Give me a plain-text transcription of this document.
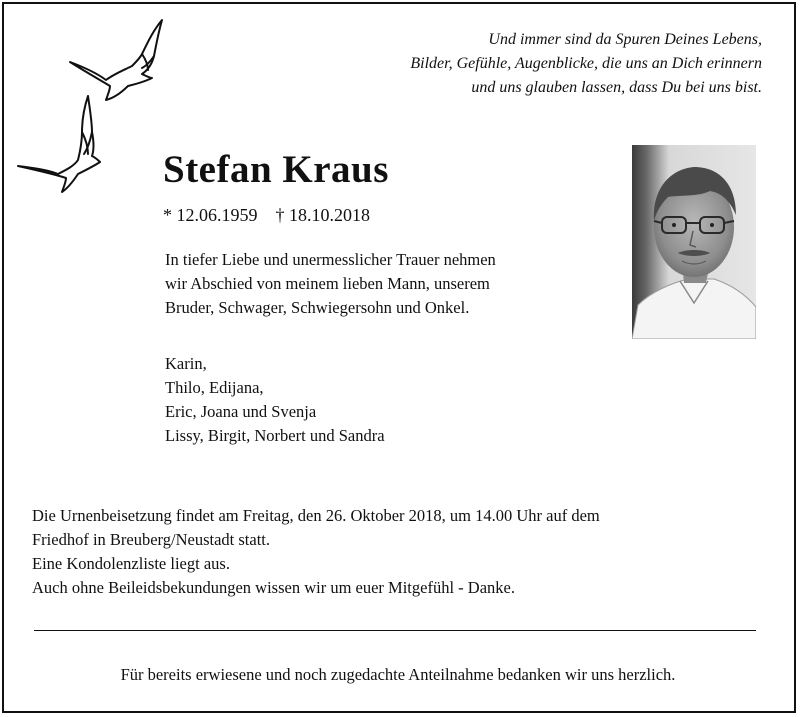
Und immer sind da Spuren Deines Lebens,
Bilder, Gefühle, Augenblicke, die uns an Dich erinnern
und uns glauben lassen, dass Du bei uns bist.
Stefan Kraus
* 12.06.1959 † 18.10.2018
In tiefer Liebe und unermesslicher Trauer nehmen
wir Abschied von meinem lieben Mann, unserem
Bruder, Schwager, Schwiegersohn und Onkel.
Karin,
Thilo, Edijana,
Eric, Joana und Svenja
Lissy, Birgit, Norbert und Sandra
Die Urnenbeisetzung findet am Freitag, den 26. Oktober 2018, um 14.00 Uhr auf dem
Friedhof in Breuberg/Neustadt statt.
Eine Kondolenzliste liegt aus.
Auch ohne Beileidsbekundungen wissen wir um euer Mitgefühl - Danke.
Für bereits erwiesene und noch zugedachte Anteilnahme bedanken wir uns herzlich.
